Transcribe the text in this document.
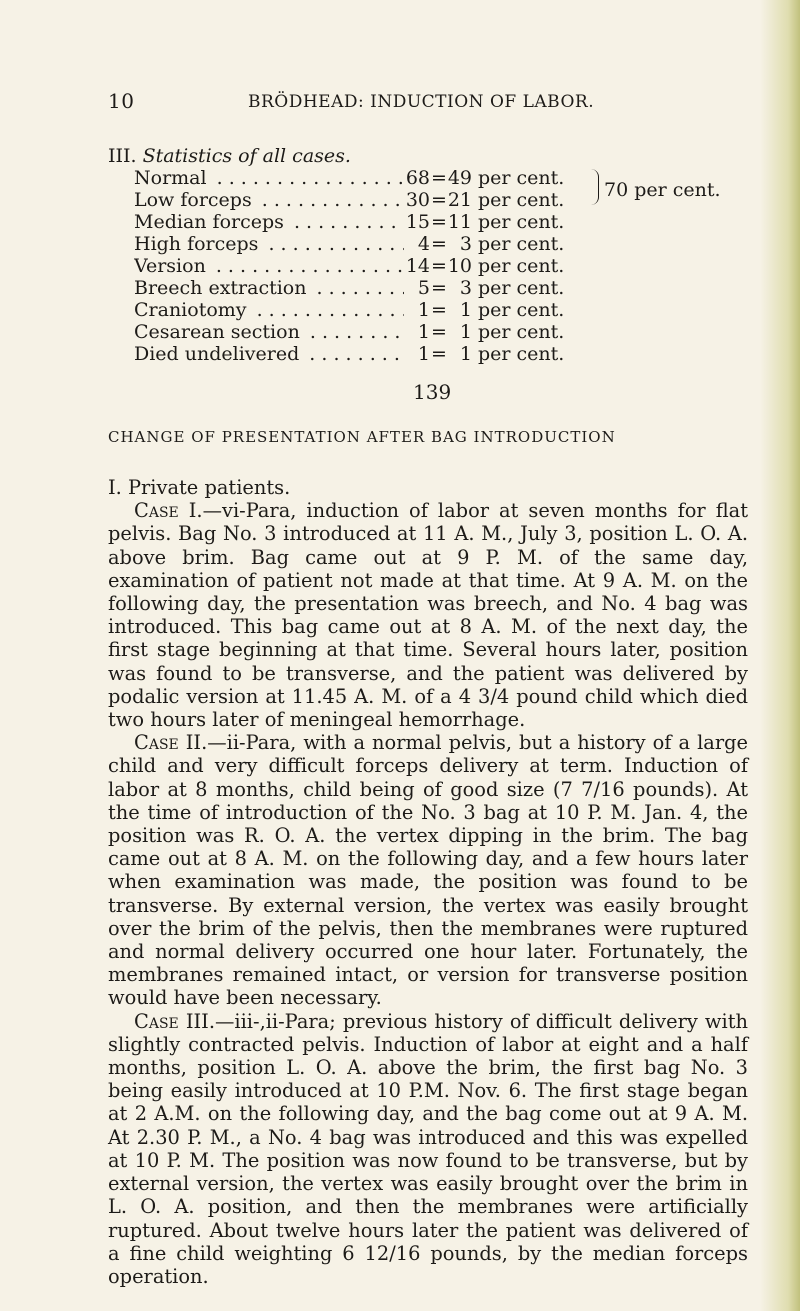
10	BRÖDHEAD: INDUCTION OF LABOR.
III. Statistics of all cases.
Normal . . .	68 = 49 per cent.
Low forceps . . .	30 = 21 per cent.
Median forceps . . .	15 = 11 per cent.
High forceps . . .	4 = 3 per cent.
Version . . .	14 = 10 per cent.
Breech extraction . . .	5 = 3 per cent.
Craniotomy . . .	1 = 1 per cent.
Cesarean section . . .	1 = 1 per cent.
Died undelivered . . .	1 = 1 per cent.
70 per cent.
139
CHANGE OF PRESENTATION AFTER BAG INTRODUCTION

I. Private patients.

Case I.—vi-Para, induction of labor at seven months for flat pelvis. Bag No. 3 introduced at 11 A. M., July 3, position L. O. A. above brim. Bag came out at 9 P. M. of the same day, examination of patient not made at that time. At 9 A. M. on the following day, the presentation was breech, and No. 4 bag was introduced. This bag came out at 8 A. M. of the next day, the first stage beginning at that time. Several hours later, position was found to be transverse, and the patient was delivered by podalic version at 11.45 A. M. of a 4 3/4 pound child which died two hours later of meningeal hemorrhage.

Case II.—ii-Para, with a normal pelvis, but a history of a large child and very difficult forceps delivery at term. Induction of labor at 8 months, child being of good size (7 7/16 pounds). At the time of introduction of the No. 3 bag at 10 P. M. Jan. 4, the position was R. O. A. the vertex dipping in the brim. The bag came out at 8 A. M. on the following day, and a few hours later when examination was made, the position was found to be transverse. By external version, the vertex was easily brought over the brim of the pelvis, then the membranes were ruptured and normal delivery occurred one hour later. Fortunately, the membranes remained intact, or version for transverse position would have been necessary.

Case III.—iii-,ii-Para; previous history of difficult delivery with slightly contracted pelvis. Induction of labor at eight and a half months, position L. O. A. above the brim, the first bag No. 3 being easily introduced at 10 P.M. Nov. 6. The first stage began at 2 A.M. on the following day, and the bag come out at 9 A. M. At 2.30 P. M., a No. 4 bag was introduced and this was expelled at 10 P. M. The position was now found to be transverse, but by external version, the vertex was easily brought over the brim in L. O. A. position, and then the membranes were artificially ruptured. About twelve hours later the patient was delivered of a fine child weighting 6 12/16 pounds, by the median forceps operation.
